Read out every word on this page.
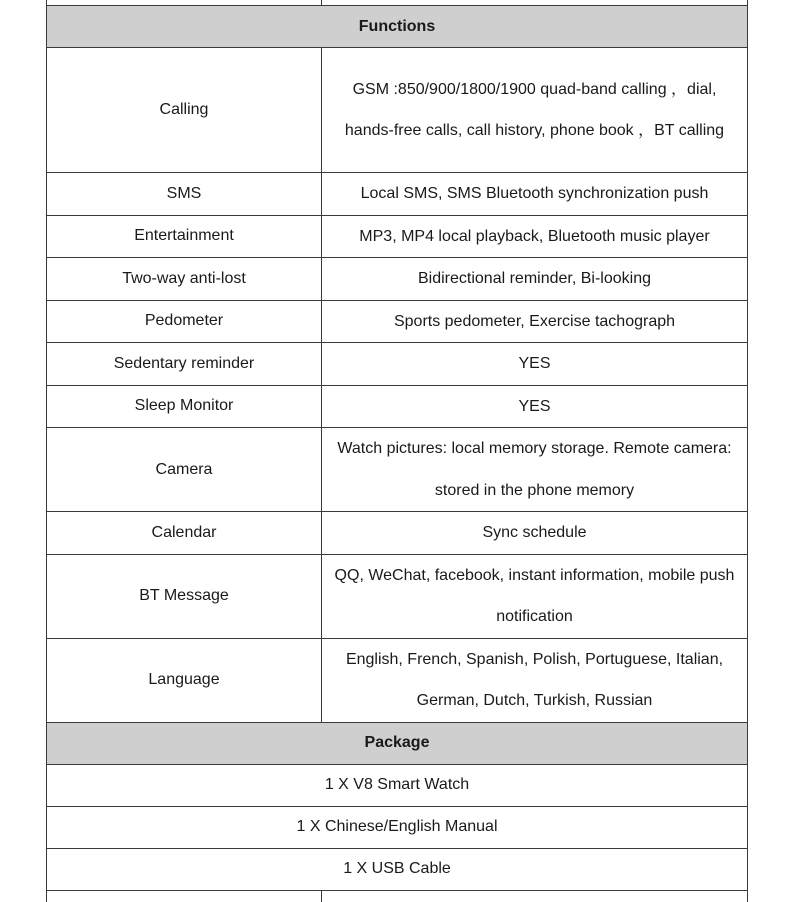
Functions	
Calling	GSM :850/900/1800/1900 quad-band calling ，dial, hands-free calls, call history, phone book ，BT calling
SMS	Local SMS, SMS Bluetooth synchronization push
Entertainment	MP3, MP4 local playback, Bluetooth music player
Two-way anti-lost	Bidirectional reminder, Bi-looking
Pedometer	Sports pedometer, Exercise tachograph
Sedentary reminder	YES
Sleep Monitor	YES
Camera	Watch pictures: local memory storage. Remote camera: stored in the phone memory
Calendar	Sync schedule
BT Message	QQ, WeChat, facebook, instant information, mobile push notification
Language	English, French, Spanish, Polish, Portuguese, Italian, German, Dutch, Turkish, Russian
Package	
1 X V8 Smart Watch	
1 X Chinese/English Manual	
1 X USB Cable	
